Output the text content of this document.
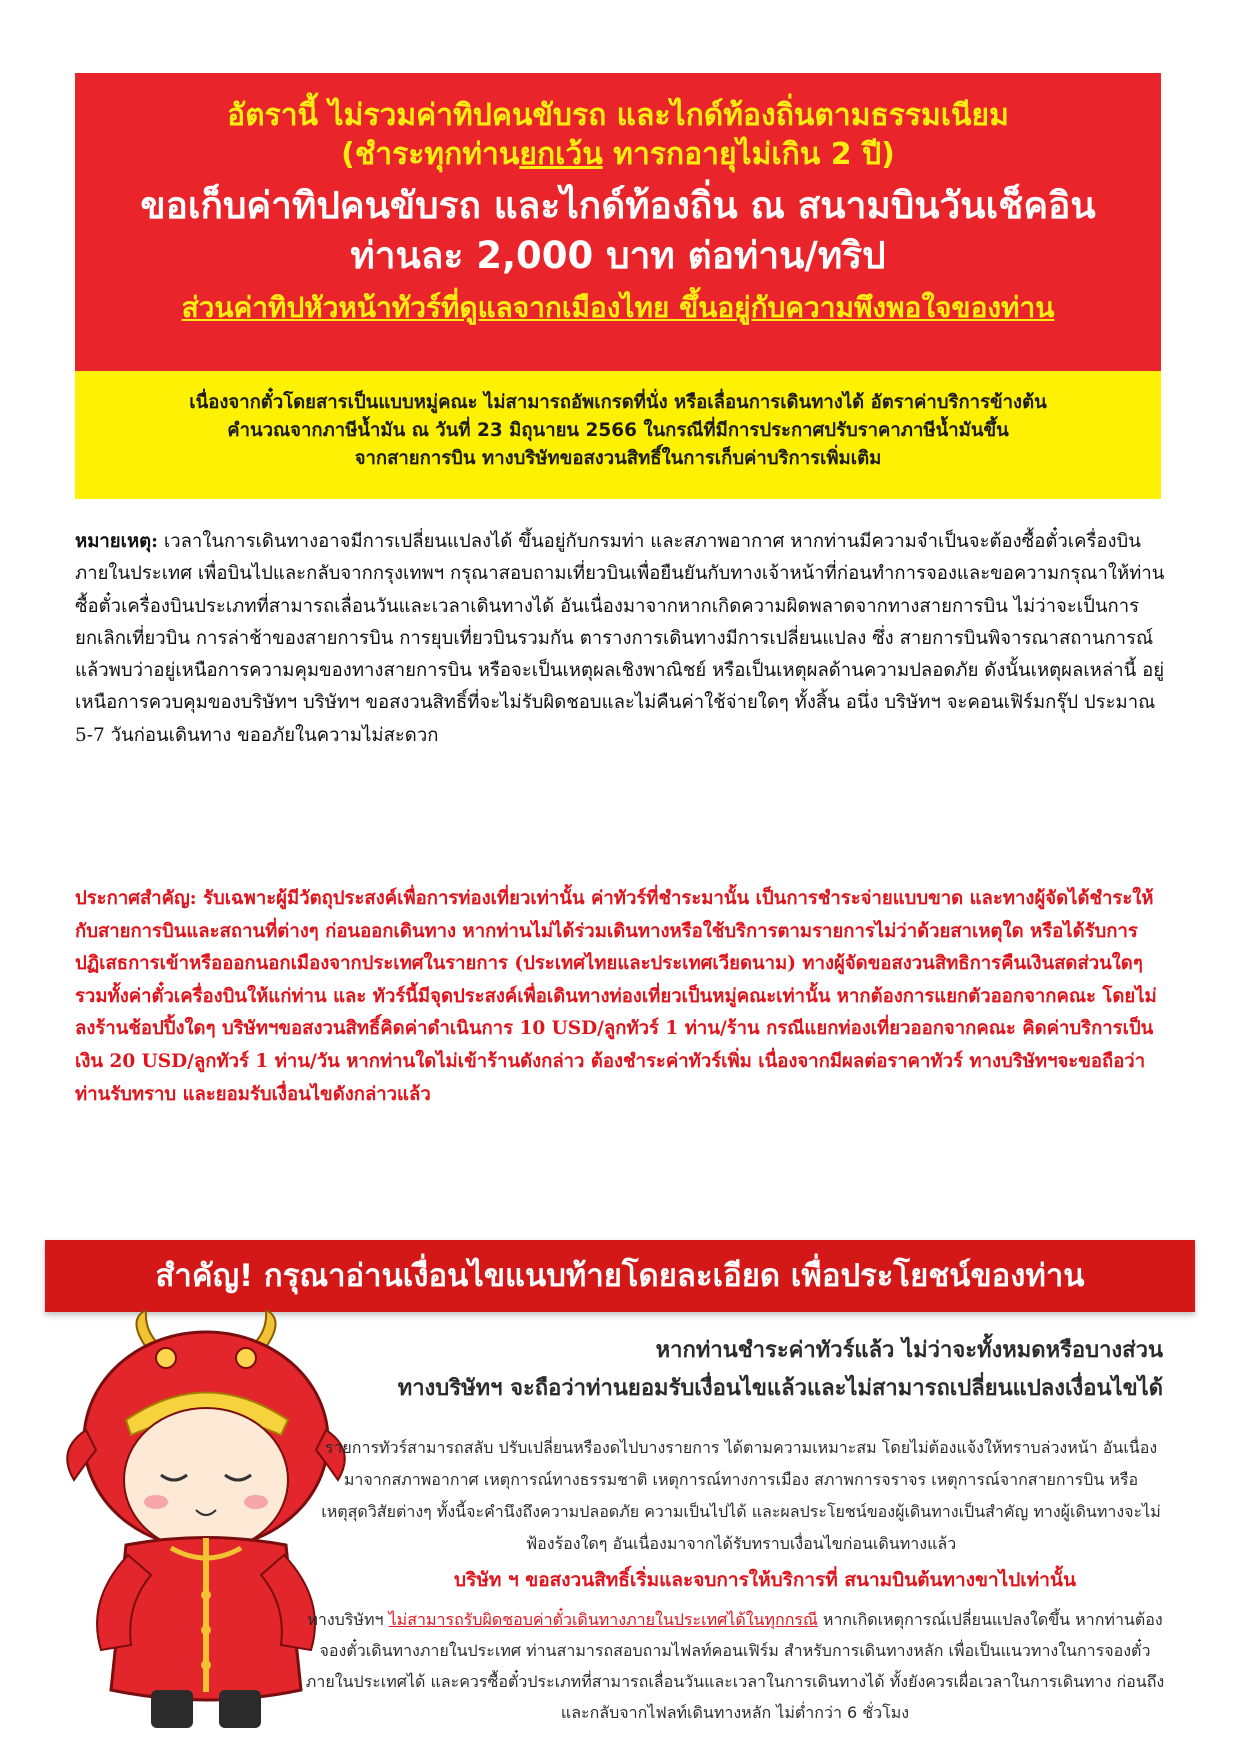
อัตรานี้ ไม่รวมค่าทิปคนขับรถ และไกด์ท้องถิ่นตามธรรมเนียม
(ชำระทุกท่านยกเว้น ทารกอายุไม่เกิน 2 ปี)
ขอเก็บค่าทิปคนขับรถ และไกด์ท้องถิ่น ณ สนามบินวันเช็คอิน
ท่านละ 2,000 บาท ต่อท่าน/ทริป
ส่วนค่าทิปหัวหน้าทัวร์ที่ดูแลจากเมืองไทย ขึ้นอยู่กับความพึงพอใจของท่าน
เนื่องจากตั๋วโดยสารเป็นแบบหมู่คณะ ไม่สามารถอัพเกรดที่นั่ง หรือเลื่อนการเดินทางได้ อัตราค่าบริการข้างต้น
คำนวณจากภาษีน้ำมัน ณ วันที่ 23 มิถุนายน 2566 ในกรณีที่มีการประกาศปรับราคาภาษีน้ำมันขึ้น
จากสายการบิน ทางบริษัทขอสงวนสิทธิ์ในการเก็บค่าบริการเพิ่มเติม
หมายเหตุ: เวลาในการเดินทางอาจมีการเปลี่ยนแปลงได้ ขึ้นอยู่กับกรมท่า และสภาพอากาศ หากท่านมีความจำเป็นจะต้องซื้อตั๋วเครื่องบินภายในประเทศ เพื่อบินไปและกลับจากกรุงเทพฯ กรุณาสอบถามเที่ยวบินเพื่อยืนยันกับทางเจ้าหน้าที่ก่อนทำการจองและขอความกรุณาให้ท่านซื้อตั๋วเครื่องบินประเภทที่สามารถเลื่อนวันและเวลาเดินทางได้ อันเนื่องมาจากหากเกิดความผิดพลาดจากทางสายการบิน ไม่ว่าจะเป็นการยกเลิกเที่ยวบิน การล่าช้าของสายการบิน การยุบเที่ยวบินรวมกัน ตารางการเดินทางมีการเปลี่ยนแปลง ซึ่ง สายการบินพิจารณาสถานการณ์แล้วพบว่าอยู่เหนือการความคุมของทางสายการบิน หรือจะเป็นเหตุผลเชิงพาณิชย์ หรือเป็นเหตุผลด้านความปลอดภัย ดังนั้นเหตุผลเหล่านี้ อยู่เหนือการควบคุมของบริษัทฯ บริษัทฯ ขอสงวนสิทธิ์ที่จะไม่รับผิดชอบและไม่คืนค่าใช้จ่ายใดๆ ทั้งสิ้น อนึ่ง บริษัทฯ จะคอนเฟิร์มกรุ๊ป ประมาณ 5-7 วันก่อนเดินทาง ขออภัยในความไม่สะดวก
ประกาศสำคัญ: รับเฉพาะผู้มีวัตถุประสงค์เพื่อการท่องเที่ยวเท่านั้น ค่าทัวร์ที่ชำระมานั้น เป็นการชำระจ่ายแบบขาด และทางผู้จัดได้ชำระให้กับสายการบินและสถานที่ต่างๆ ก่อนออกเดินทาง หากท่านไม่ได้ร่วมเดินทางหรือใช้บริการตามรายการไม่ว่าด้วยสาเหตุใด หรือได้รับการปฏิเสธการเข้าหรือออกนอกเมืองจากประเทศในรายการ (ประเทศไทยและประเทศเวียดนาม) ทางผู้จัดขอสงวนสิทธิการคืนเงินสดส่วนใดๆ รวมทั้งค่าตั๋วเครื่องบินให้แก่ท่าน และ ทัวร์นี้มีจุดประสงค์เพื่อเดินทางท่องเที่ยวเป็นหมู่คณะเท่านั้น หากต้องการแยกตัวออกจากคณะ โดยไม่ลงร้านช้อปปิ้งใดๆ บริษัทฯขอสงวนสิทธิ์คิดค่าดำเนินการ 10 USD/ลูกทัวร์ 1 ท่าน/ร้าน กรณีแยกท่องเที่ยวออกจากคณะ คิดค่าบริการเป็นเงิน 20 USD/ลูกทัวร์ 1 ท่าน/วัน หากท่านใดไม่เข้าร้านดังกล่าว ต้องชำระค่าทัวร์เพิ่ม เนื่องจากมีผลต่อราคาทัวร์ ทางบริษัทฯจะขอถือว่าท่านรับทราบ และยอมรับเงื่อนไขดังกล่าวแล้ว
สำคัญ! กรุณาอ่านเงื่อนไขแนบท้ายโดยละเอียด เพื่อประโยชน์ของท่าน
หากท่านชำระค่าทัวร์แล้ว ไม่ว่าจะทั้งหมดหรือบางส่วน
ทางบริษัทฯ จะถือว่าท่านยอมรับเงื่อนไขแล้วและไม่สามารถเปลี่ยนแปลงเงื่อนไขได้
รายการทัวร์สามารถสลับ ปรับเปลี่ยนหรืองดไปบางรายการ ได้ตามความเหมาะสม โดยไม่ต้องแจ้งให้ทราบล่วงหน้า อันเนื่องมาจากสภาพอากาศ เหตุการณ์ทางธรรมชาติ เหตุการณ์ทางการเมือง สภาพการจราจร เหตุการณ์จากสายการบิน หรือเหตุสุดวิสัยต่างๆ ทั้งนี้จะคำนึงถึงความปลอดภัย ความเป็นไปได้ และผลประโยชน์ของผู้เดินทางเป็นสำคัญ ทางผู้เดินทางจะไม่ฟ้องร้องใดๆ อันเนื่องมาจากได้รับทราบเงื่อนไขก่อนเดินทางแล้ว
บริษัท ฯ ขอสงวนสิทธิ์เริ่มและจบการให้บริการที่ สนามบินต้นทางขาไปเท่านั้น
ทางบริษัทฯ ไม่สามารถรับผิดชอบค่าตั๋วเดินทางภายในประเทศได้ในทุกกรณี หากเกิดเหตุการณ์เปลี่ยนแปลงใดขึ้น หากท่านต้องจองตั๋วเดินทางภายในประเทศ ท่านสามารถสอบถามไฟลท์คอนเฟิร์ม สำหรับการเดินทางหลัก เพื่อเป็นแนวทางในการจองตั๋วภายในประเทศได้ และควรซื้อตั๋วประเภทที่สามารถเลื่อนวันและเวลาในการเดินทางได้ ทั้งยังควรเผื่อเวลาในการเดินทาง ก่อนถึงและกลับจากไฟลท์เดินทางหลัก ไม่ต่ำกว่า 6 ชั่วโมง
